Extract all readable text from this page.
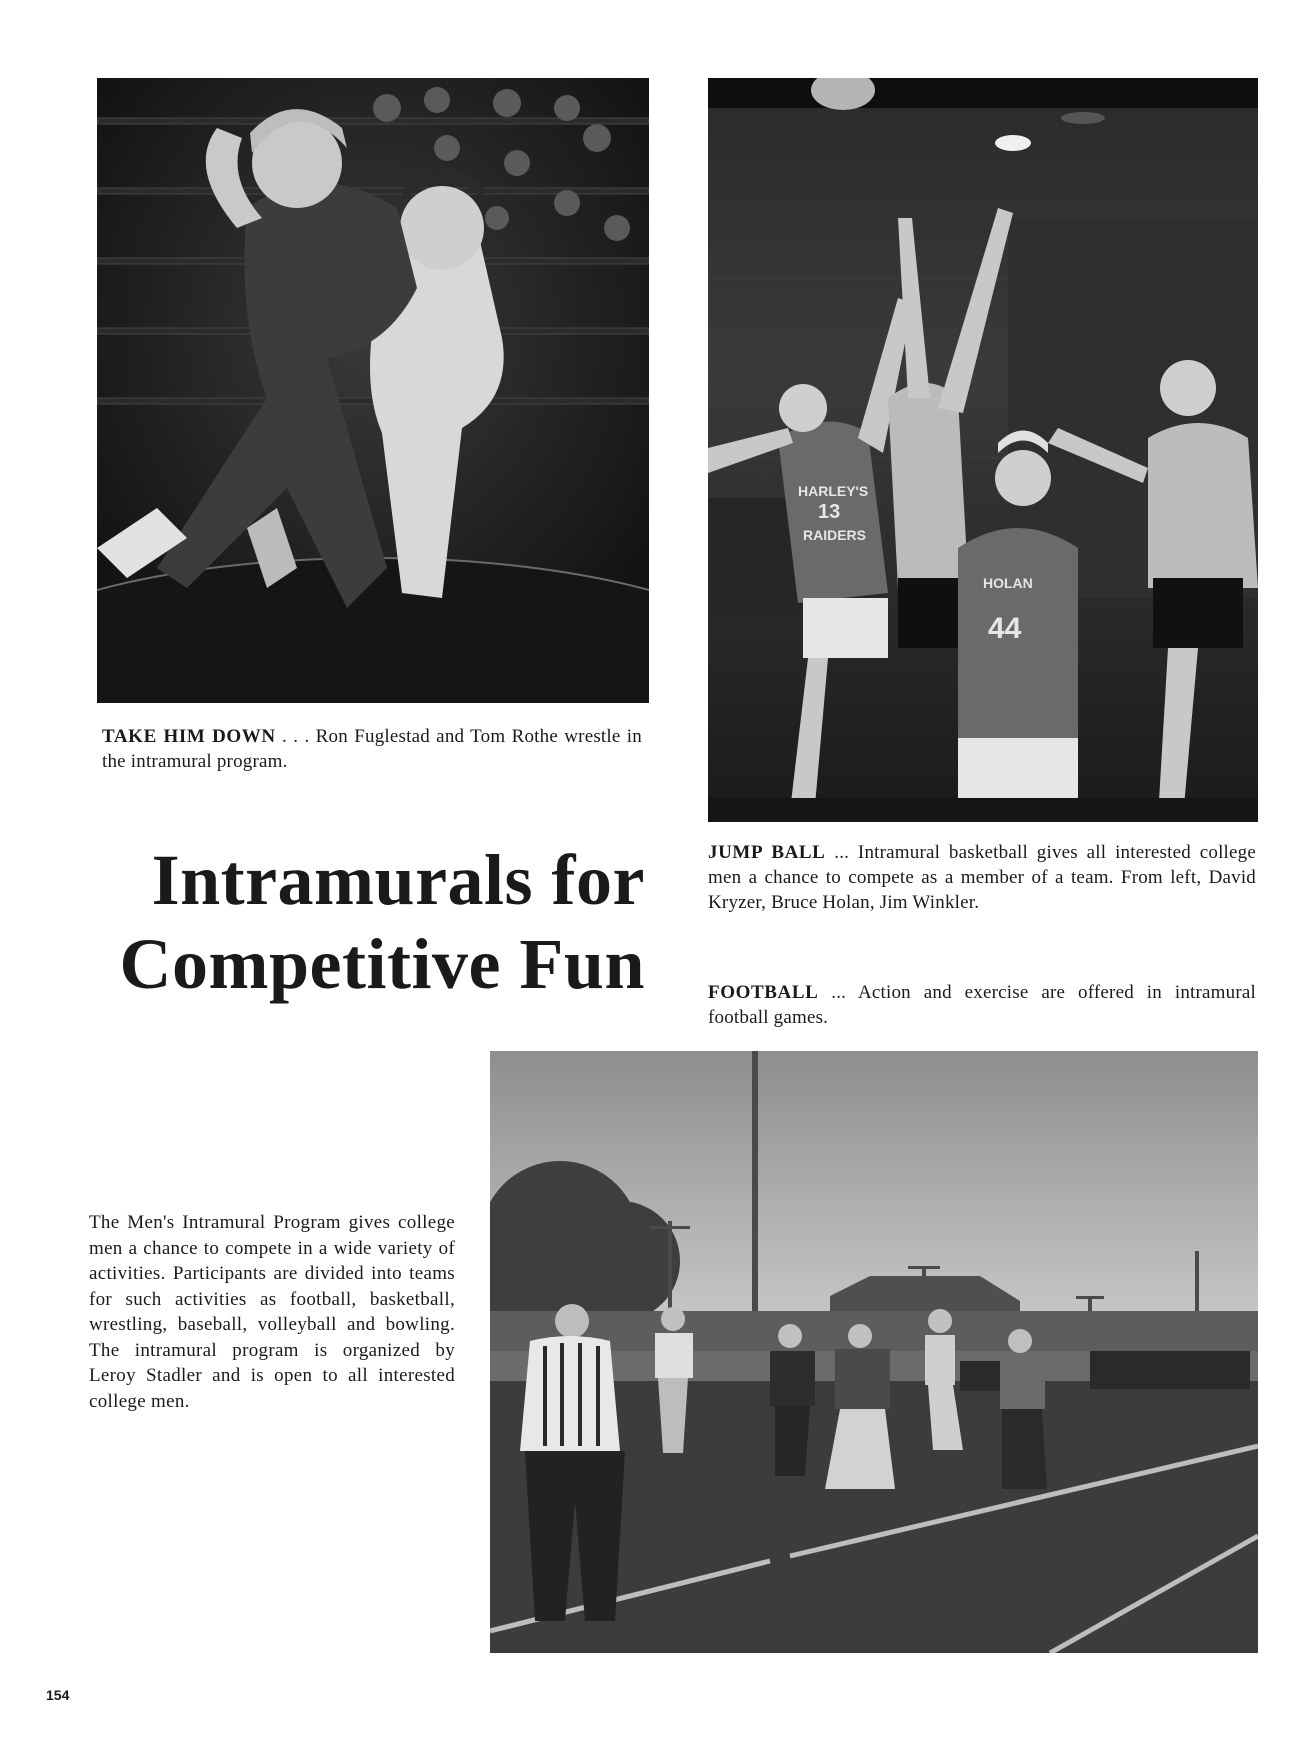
HARLEY'S
13
RAIDERS
HOLAN
44
TAKE HIM DOWN . . . Ron Fuglestad and Tom Rothe wrestle in the intramural program.
Intramurals for
Competitive Fun
JUMP BALL ... Intramural basketball gives all interested college men a chance to compete as a member of a team. From left, David Kryzer, Bruce Holan, Jim Winkler.
FOOTBALL ... Action and exercise are offered in intramural football games.
The Men's Intramural Program gives college men a chance to compete in a wide variety of activities. Participants are divided into teams for such activities as football, basketball, wrestling, baseball, volleyball and bowling. The intramural program is organized by Leroy Stadler and is open to all interested college men.
154
